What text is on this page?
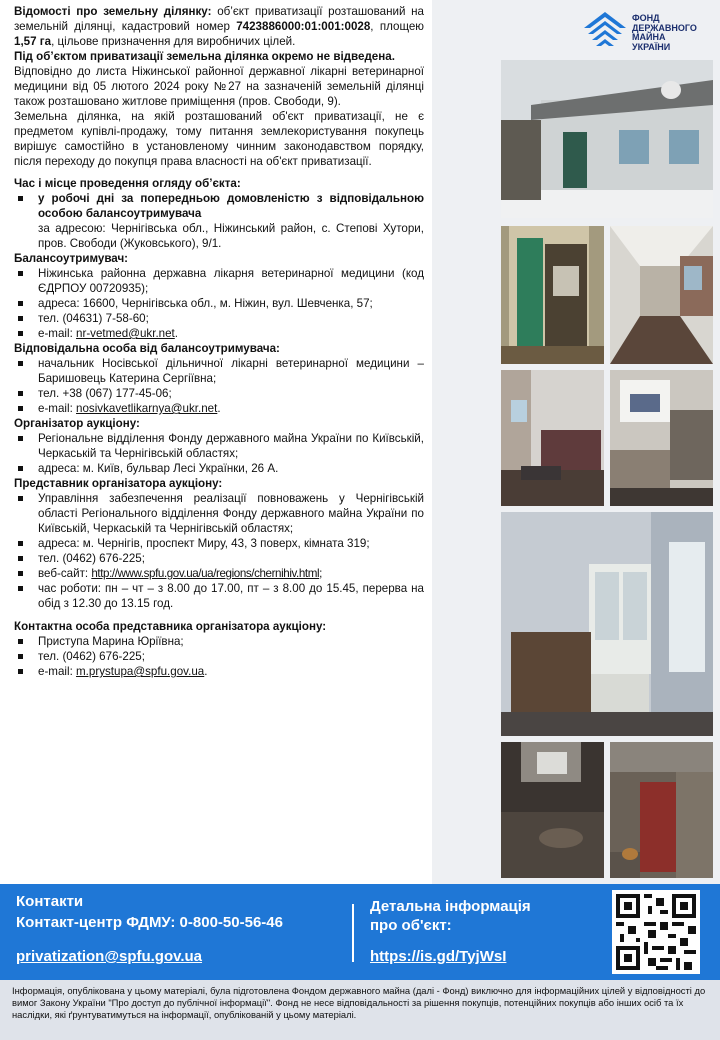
Відомості про земельну ділянку: об’єкт приватизації розташований на земельній ділянці, кадастровий номер 7423886000:01:001:0028, площею 1,57 га, цільове призначення для виробничих цілей.

Під об’єктом приватизації земельна ділянка окремо не відведена.

Відповідно до листа Ніжинської районної державної лікарні ветеринарної медицини від 05 лютого 2024 року №27 на зазначеній земельній ділянці також розташовано житлове приміщення (пров. Свободи, 9).

Земельна ділянка, на якій розташований об'єкт приватизації, не є предметом купівлі-продажу, тому питання землекористування покупець вирішує самостійно в установленому чинним законодавством порядку, після переходу до покупця права власності на об'єкт приватизації.

Час і місце проведення огляду об’єкта:

у робочі дні за попередньою домовленістю з відповідальною особою балансоутримувача

за адресою: Чернігівська обл., Ніжинський район, с. Степові Хутори, пров. Свободи (Жуковського), 9/1.

Балансоутримувач:

Ніжинська районна державна лікарня ветеринарної медицини (код ЄДРПОУ 00720935);
адреса: 16600, Чернігівська обл., м. Ніжин, вул. Шевченка, 57;
тел. (04631) 7-58-60;
e-mail: nr-vetmed@ukr.net.

Відповідальна особа від балансоутримувача:

начальник Носівської дільничної лікарні ветеринарної медицини – Баришовець Катерина Сергіївна;
тел. +38 (067) 177-45-06;
e-mail: nosivkavetlikarnya@ukr.net.

Організатор аукціону:

Регіональне відділення Фонду державного майна України по Київській, Черкаській та Чернігівській областях;
адреса: м. Київ, бульвар Лесі Українки, 26 А.

Представник організатора аукціону:

Управління забезпечення реалізації повноважень у Чернігівській області Регіонального відділення Фонду державного майна України по Київській, Черкаській та Чернігівській областях;
адреса: м. Чернігів, проспект Миру, 43, 3 поверх, кімната 319;
тел. (0462) 676-225;
веб-сайт: http://www.spfu.gov.ua/ua/regions/chernihiv.html;
час роботи: пн – чт – з 8.00 до 17.00, пт – з 8.00 до 15.45, перерва на обід з 12.30 до 13.15 год.

Контактна особа представника організатора аукціону:

Приступа Марина Юріївна;
тел. (0462) 676-225;
e-mail: m.prystupa@spfu.gov.ua.
ФОНД
ДЕРЖАВНОГО
МАЙНА
УКРАЇНИ
Контакти
Контакт-центр ФДМУ: 0-800-50-56-46
privatization@spfu.gov.ua
Детальна інформація
про об'єкт:
https://is.gd/TyjWsI
Інформація, опублікована у цьому матеріалі, була підготовлена Фондом державного майна (далі - Фонд) виключно для інформаційних цілей у відповідності до вимог Закону України "Про доступ до публічної інформації". Фонд не несе відповідальності за рішення покупців, потенційних покупців або інших осіб та їх наслідки, які ґрунтуватимуться на інформації, опублікованій у цьому матеріалі.
